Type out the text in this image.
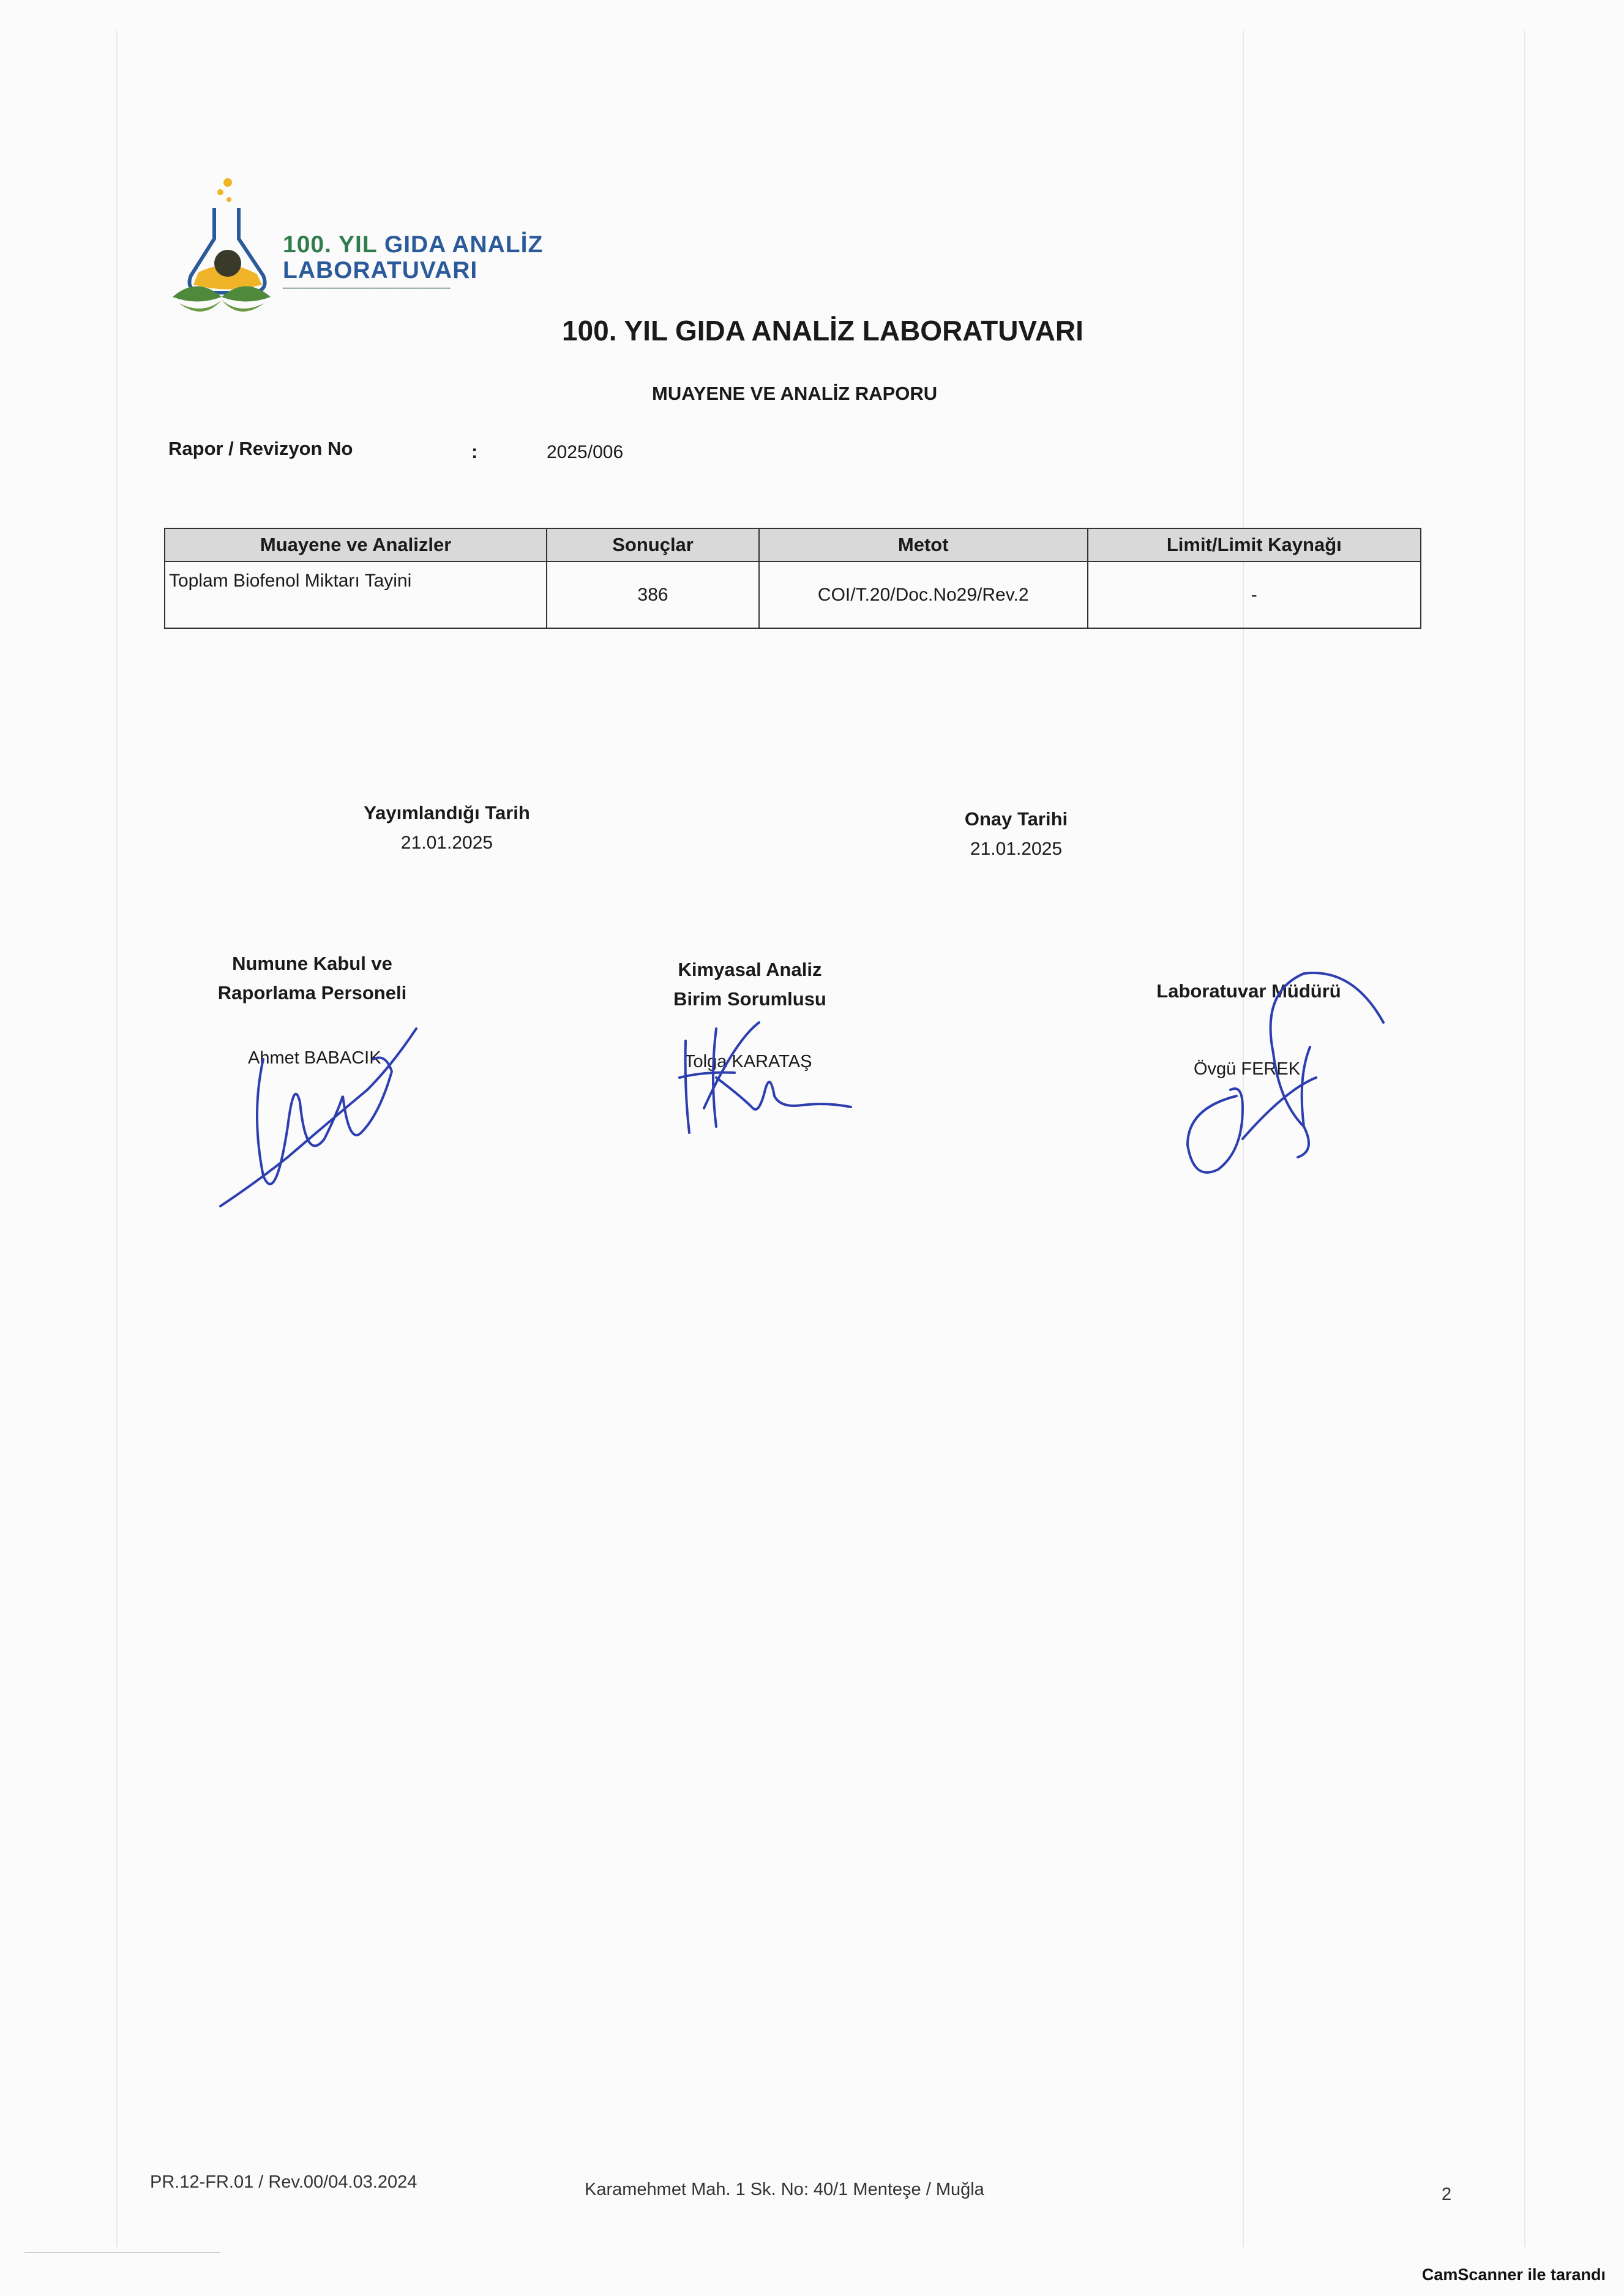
100. YIL GIDA ANALİZ
LABORATUVARI
━━━━━━━━━━━━━━━━━━━━━━━━━━━━━━━━━━━━━━━━━━
100. YIL GIDA ANALİZ LABORATUVARI
MUAYENE VE ANALİZ RAPORU
Rapor / Revizyon No	:	2025/006
Muayene ve Analizler	Sonuçlar	Metot	Limit/Limit Kaynağı
Toplam Biofenol Miktarı Tayini	386	COI/T.20/Doc.No29/Rev.2	-
Yayımlandığı Tarih
21.01.2025
Onay Tarihi
21.01.2025
Numune Kabul ve
Raporlama Personeli
Ahmet BABACIK
Kimyasal Analiz
Birim Sorumlusu
Tolga KARATAŞ
Laboratuvar Müdürü
Övgü FEREK
PR.12-FR.01 / Rev.00/04.03.2024	Karamehmet Mah. 1 Sk. No: 40/1 Menteşe / Muğla	2
CamScanner ile tarandı
